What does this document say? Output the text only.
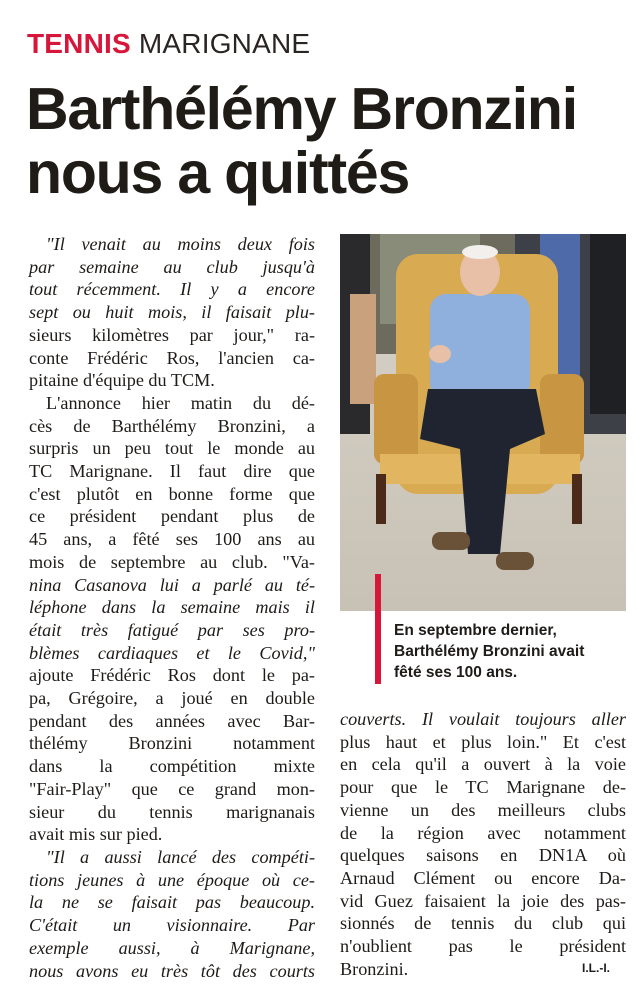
TENNIS MARIGNANE
Barthélémy Bronzini
nous a quittés
"Il venait au moins deux fois
par semaine au club jusqu'à
tout récemment. Il y a encore
sept ou huit mois, il faisait plu-
sieurs kilomètres par jour," ra-
conte Frédéric Ros, l'ancien ca-
pitaine d'équipe du TCM.
L'annonce hier matin du dé-
cès de Barthélémy Bronzini, a
surpris un peu tout le monde au
TC Marignane. Il faut dire que
c'est plutôt en bonne forme que
ce président pendant plus de
45 ans, a fêté ses 100 ans au
mois de septembre au club. "Va-
nina Casanova lui a parlé au té-
léphone dans la semaine mais il
était très fatigué par ses pro-
blèmes cardiaques et le Covid,"
ajoute Frédéric Ros dont le pa-
pa, Grégoire, a joué en double
pendant des années avec Bar-
thélémy Bronzini notamment
dans la compétition mixte
"Fair-Play" que ce grand mon-
sieur du tennis marignanais
avait mis sur pied.
"Il a aussi lancé des compéti-
tions jeunes à une époque où ce-
la ne se faisait pas beaucoup.
C'était un visionnaire. Par
exemple aussi, à Marignane,
nous avons eu très tôt des courts
En septembre dernier,
Barthélémy Bronzini avait
fêté ses 100 ans.
couverts. Il voulait toujours aller
plus haut et plus loin." Et c'est
en cela qu'il a ouvert à la voie
pour que le TC Marignane de-
vienne un des meilleurs clubs
de la région avec notamment
quelques saisons en DN1A où
Arnaud Clément ou encore Da-
vid Guez faisaient la joie des pas-
sionnés de tennis du club qui
n'oublient pas le président
Bronzini.	I.L.-I.
